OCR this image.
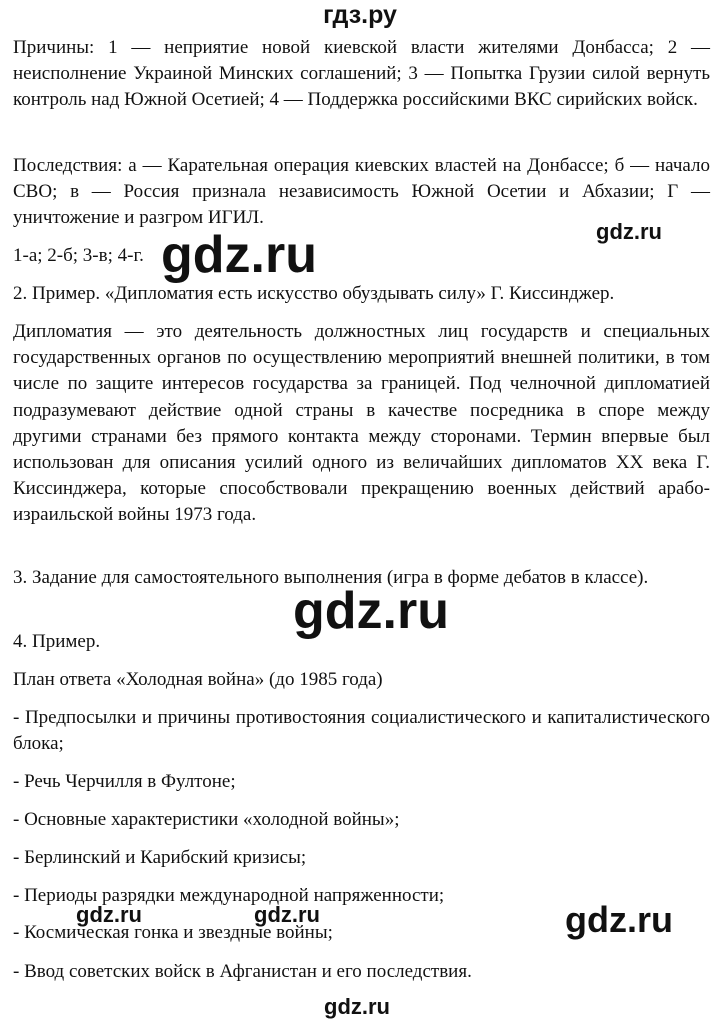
гдз.ру

Причины: 1 — неприятие новой киевской власти жителями Донбасса; 2 — неисполнение Украиной Минских соглашений; 3 — Попытка Грузии силой вернуть контроль над Южной Осетией; 4 — Поддержка российскими ВКС сирийских войск.

Последствия: а — Карательная операция киевских властей на Донбассе; б — начало СВО; в — Россия признала независимость Южной Осетии и Абхазии; Г — уничтожение и разгром ИГИЛ.

1-а; 2-б; 3-в; 4-г.

2. Пример. «Дипломатия есть искусство обуздывать силу» Г. Киссинджер.

Дипломатия — это деятельность должностных лиц государств и специальных государственных органов по осуществлению мероприятий внешней политики, в том числе по защите интересов государства за границей. Под челночной дипломатией подразумевают действие одной страны в качестве посредника в споре между другими странами без прямого контакта между сторонами. Термин впервые был использован для описания усилий одного из величайших дипломатов XX века Г. Киссинджера, которые способствовали прекращению военных действий арабо-израильской войны 1973 года.

3. Задание для самостоятельного выполнения (игра в форме дебатов в классе).

4. Пример.

План ответа «Холодная война» (до 1985 года)

- Предпосылки и причины противостояния социалистического и капиталистического блока;

- Речь Черчилля в Фултоне;

- Основные характеристики «холодной войны»;

- Берлинский и Карибский кризисы;

- Периоды разрядки международной напряженности;

- Космическая гонка и звездные войны;

- Ввод советских войск в Афганистан и его последствия.

gdz.ru	gdz.ru
gdz.ru
gdz.ru	gdz.ru	gdz.ru
gdz.ru
